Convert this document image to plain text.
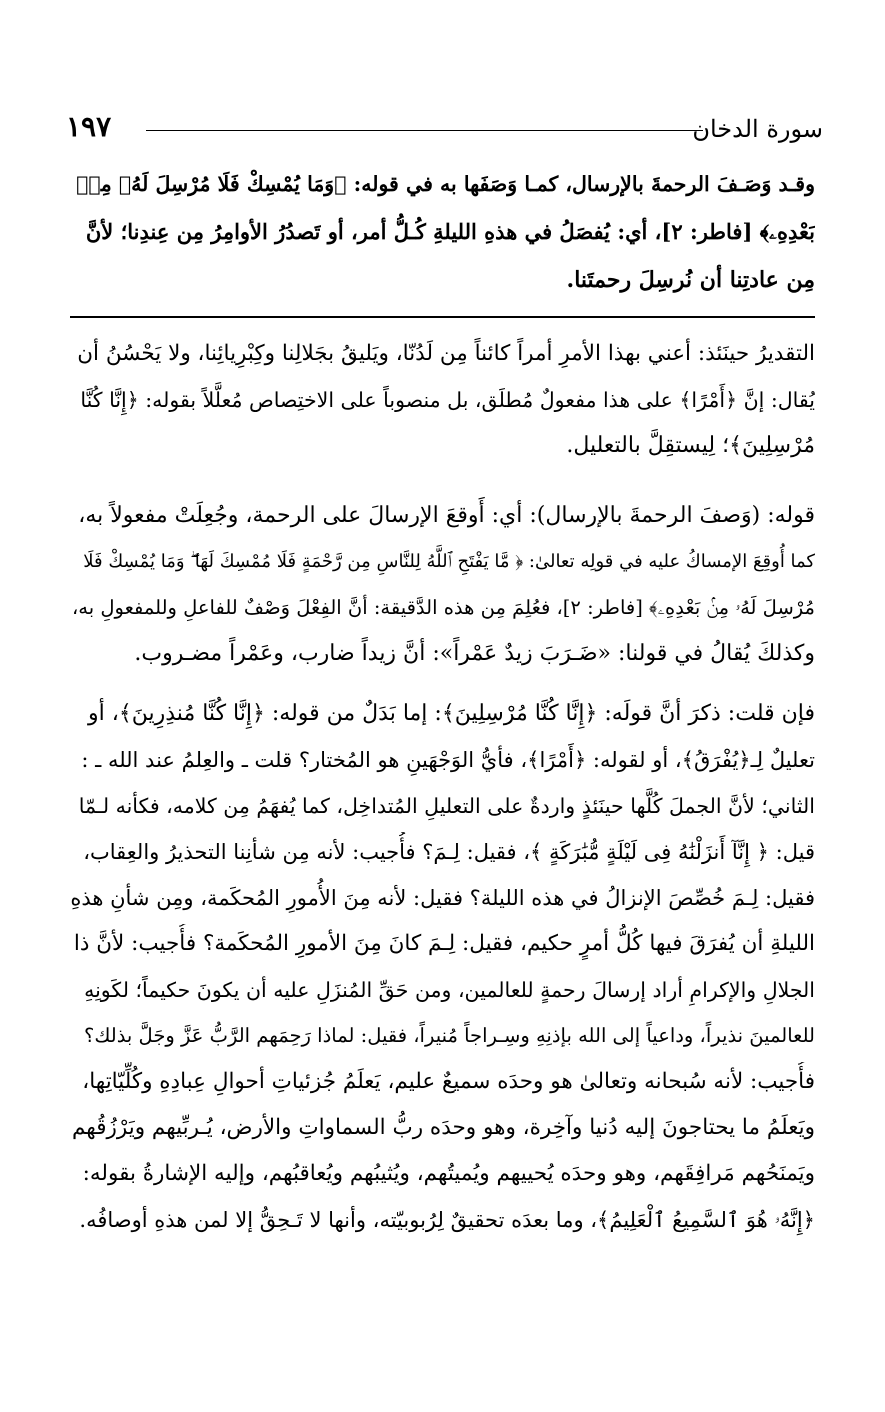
سورة الدخان
١٩٧
وقـد وَصَـفَ الرحمةَ بالإرسال، كمـا وَصَفَها به في قوله: ﴿وَمَا يُمْسِكْ فَلَا مُرْسِلَ لَهُۥ مِنۢ
بَعْدِهِۦ﴾ [فاطر: ٢]، أي: يُفصَلُ في هذهِ الليلةِ كُـلُّ أمر، أو تَصدُرُ الأوامِرُ مِن عِندِنا؛ لأنَّ
مِن عادتِنا أن نُرسِلَ رحمتَنا.
التقديرُ حينَئذ: أعني بهذا الأمرِ أمراً كائناً مِن لَدُنّا، ويَليقُ بجَلالِنا وكِبْرِيائِنا، ولا يَحْسُنُ أن
يُقال: إنَّ ﴿أَمْرًا﴾ على هذا مفعولٌ مُطلَق، بل منصوباً على الاختِصاص مُعلَّلاً بقوله: ﴿إِنَّا كُنَّا
مُرْسِلِينَ﴾؛ لِيستقِلَّ بالتعليل.
قوله: (وَصفَ الرحمةَ بالإرسال): أي: أَوقعَ الإرسالَ على الرحمة، وجُعِلَتْ مفعولاً به،
كما أُوقِعَ الإمساكُ عليه في قولِه تعالىٰ: ﴿ مَّا يَفْتَحِ ٱللَّهُ لِلنَّاسِ مِن رَّحْمَةٍ فَلَا مُمْسِكَ لَهَا ۖ وَمَا يُمْسِكْ فَلَا
مُرْسِلَ لَهُۥ مِنۢ بَعْدِهِۦ﴾ [فاطر: ٢]، فعُلِمَ مِن هذه الدَّقيقة: أنَّ الفِعْلَ وَصْفٌ للفاعلِ وللمفعولِ به،
وكذلكَ يُقالُ في قولنا: «ضَـرَبَ زيدٌ عَمْراً»: أنَّ زيداً ضارب، وعَمْراً مضـروب.
فإن قلت: ذكرَ أنَّ قولَه: ﴿إِنَّا كُنَّا مُرْسِلِينَ﴾: إما بَدَلٌ من قوله: ﴿إِنَّا كُنَّا مُنذِرِينَ﴾، أو
تعليلٌ لِـ﴿يُفْرَقُ﴾، أو لقوله: ﴿أَمْرًا﴾، فأيُّ الوَجْهَينِ هو المُختار؟ قلت ـ والعِلمُ عند الله ـ :
الثاني؛ لأنَّ الجملَ كُلَّها حينَئذٍ واردةٌ على التعليلِ المُتداخِل، كما يُفهَمُ مِن كلامه، فكأنه لـمّا
قيل: ﴿ إِنَّآ أَنزَلْنَٰهُ فِى لَيْلَةٍ مُّبَٰرَكَةٍ ﴾، فقيل: لِـمَ؟ فأُجيب: لأنه مِن شأنِنا التحذيرُ والعِقاب،
فقيل: لِـمَ خُصِّصَ الإنزالُ في هذه الليلة؟ فقيل: لأنه مِنَ الأُمورِ المُحكَمة، ومِن شأنِ هذهِ
الليلةِ أن يُفرَقَ فيها كُلُّ أمرٍ حكيم، فقيل: لِـمَ كانَ مِنَ الأمورِ المُحكَمة؟ فأُجيب: لأنَّ ذا
الجلالِ والإكرامِ أراد إرسالَ رحمةٍ للعالمين، ومن حَقِّ المُنزَلِ عليه أن يكونَ حكيماً؛ لكَونِهِ
للعالمينَ نذيراً، وداعياً إلى الله بإذنِهِ وسِـراجاً مُنيراً، فقيل: لماذا رَحِمَهم الرَّبُّ عَزَّ وجَلَّ بذلك؟
فأُجيب: لأنه سُبحانه وتعالىٰ هو وحدَه سميعٌ عليم، يَعلَمُ جُزئياتِ أحوالِ عِبادِهِ وكُلِّيّاتِها،
ويَعلَمُ ما يحتاجونَ إليه دُنيا وآخِرة، وهو وحدَه ربُّ السماواتِ والأرض، يُـربِّيهم ويَرْزُقُهم
ويَمنَحُهم مَرافِقَهم، وهو وحدَه يُحييهم ويُميتُهم، ويُثيبُهم ويُعاقبُهم، وإليه الإشارةُ بقوله:
﴿إِنَّهُۥ هُوَ ٱلسَّمِيعُ ٱلْعَلِيمُ﴾، وما بعدَه تحقيقٌ لِرُبوبيّته، وأنها لا تَـحِقُّ إلا لمن هذهِ أوصافُه.
